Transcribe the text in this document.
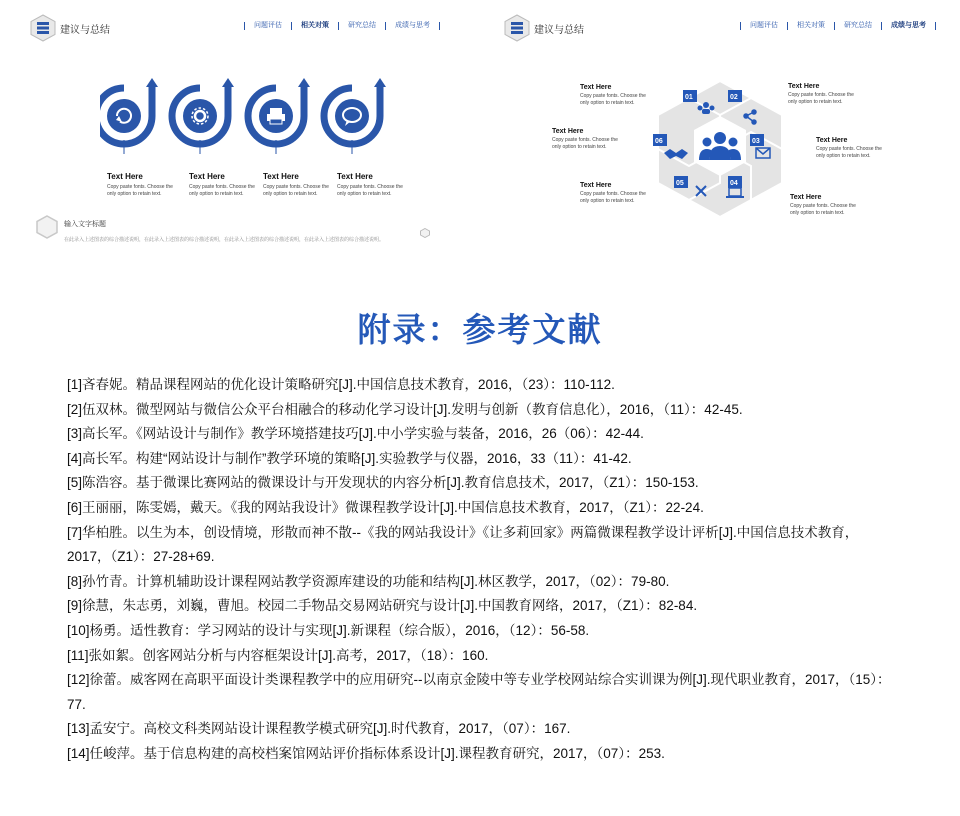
建议与总结	问题评估	相关对策	研究总结	成绩与思考
Text Here
Copy paste fonts. Choose the only option to retain text.
Text Here
Copy paste fonts. Choose the only option to retain text.
Text Here
Copy paste fonts. Choose the only option to retain text.
Text Here
Copy paste fonts. Choose the only option to retain text.
输入文字标题
在此录入上述图表的综合描述说明，在此录入上述图表的综合描述说明，在此录入上述图表的综合描述说明，在此录入上述图表的综合描述说明。
建议与总结	问题评估	相关对策	研究总结	成绩与思考
01	02
03
04
05
06
Text Here
Copy paste fonts. Choose the only option to retain text.
Text Here
Copy paste fonts. Choose the only option to retain text.
Text Here
Copy paste fonts. Choose the only option to retain text.
Text Here
Copy paste fonts. Choose the only option to retain text.
Text Here
Copy paste fonts. Choose the only option to retain text.
Text Here
Copy paste fonts. Choose the only option to retain text.
附录：参考文献
[1]吝春妮。精品课程网站的优化设计策略研究[J].中国信息技术教育，2016，（23）：110-112.
[2]伍双林。微型网站与微信公众平台相融合的移动化学习设计[J].发明与创新（教育信息化），2016，（11）：42-45.
[3]高长军。《网站设计与制作》教学环境搭建技巧[J].中小学实验与装备，2016，26（06）：42-44.
[4]高长军。构建“网站设计与制作”教学环境的策略[J].实验教学与仪器，2016，33（11）：41-42.
[5]陈浩容。基于微课比赛网站的微课设计与开发现状的内容分析[J].教育信息技术，2017，（Z1）：150-153.
[6]王丽丽，陈雯嫣，戴天。《我的网站我设计》微课程教学设计[J].中国信息技术教育，2017，（Z1）：22-24.
[7]华柏胜。以生为本，创设情境，形散而神不散--《我的网站我设计》《让多莉回家》两篇微课程教学设计评析[J].中国信息技术教育，2017，（Z1）：27-28+69.
[8]孙竹青。计算机辅助设计课程网站教学资源库建设的功能和结构[J].林区教学，2017，（02）：79-80.
[9]徐慧，朱志勇，刘巍，曹旭。校园二手物品交易网站研究与设计[J].中国教育网络，2017，（Z1）：82-84.
[10]杨勇。适性教育：学习网站的设计与实现[J].新课程（综合版），2016，（12）：56-58.
[11]张如絮。创客网站分析与内容框架设计[J].高考，2017，（18）：160.
[12]徐蕾。威客网在高职平面设计类课程教学中的应用研究--以南京金陵中等专业学校网站综合实训课为例[J].现代职业教育，2017，（15）：77.
[13]孟安宁。高校文科类网站设计课程教学模式研究[J].时代教育，2017，（07）：167.
[14]任峻萍。基于信息构建的高校档案馆网站评价指标体系设计[J].课程教育研究，2017，（07）：253.
